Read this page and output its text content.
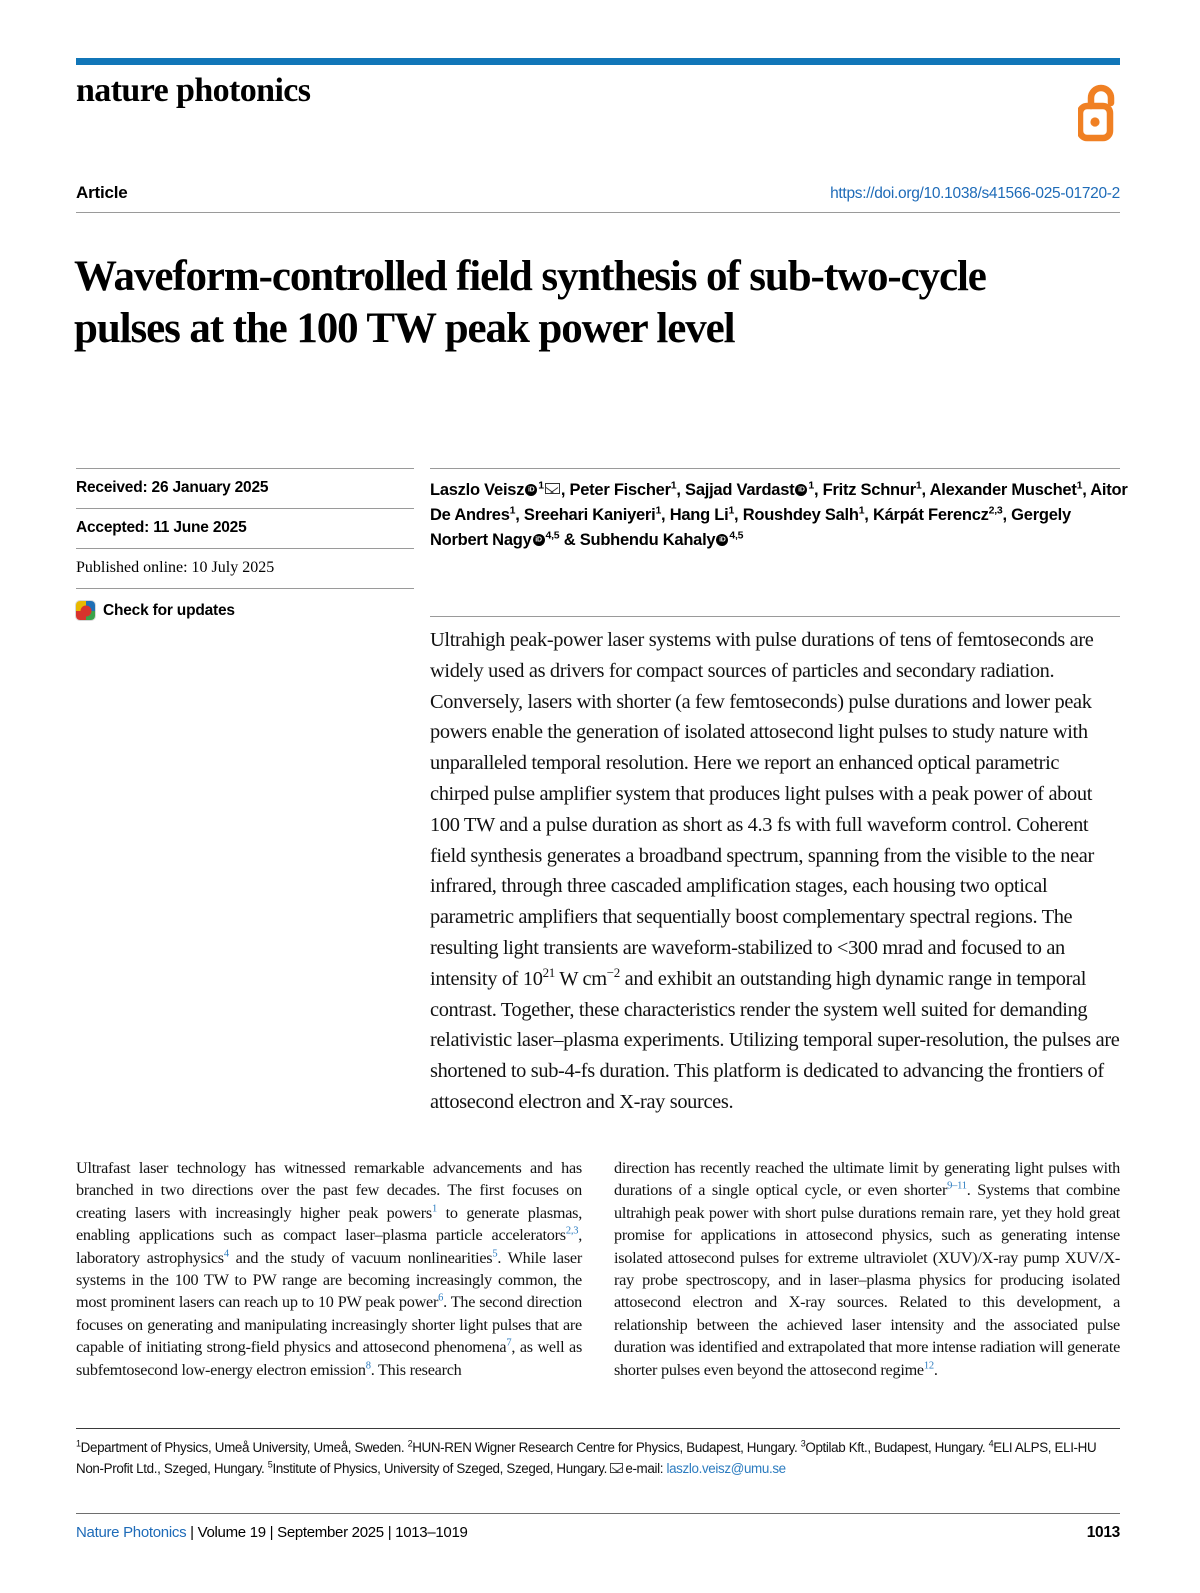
nature photonics
Article	https://doi.org/10.1038/s41566-025-01720-2
Waveform-controlled field synthesis of sub-two-cycle pulses at the 100 TW peak power level
Received: 26 January 2025
Accepted: 11 June 2025
Published online: 10 July 2025
Check for updates
Laszlo Veisz iD $^1$ , Peter Fischer$^1$, Sajjad Vardast iD $^1$, Fritz Schnur$^1$, Alexander Muschet$^1$, Aitor De Andres$^1$, Sreehari Kaniyeri$^1$, Hang Li$^1$, Roushdey Salh$^1$, Kárpát Ferencz$^{2,3}$, Gergely Norbert Nagy iD $^{4,5}$ & Subhendu Kahaly iD $^{4,5}$
Ultrahigh peak-power laser systems with pulse durations of tens of femtoseconds are widely used as drivers for compact sources of particles and secondary radiation. Conversely, lasers with shorter (a few femtoseconds) pulse durations and lower peak powers enable the generation of isolated attosecond light pulses to study nature with unparalleled temporal resolution. Here we report an enhanced optical parametric chirped pulse amplifier system that produces light pulses with a peak power of about 100 TW and a pulse duration as short as 4.3 fs with full waveform control. Coherent field synthesis generates a broadband spectrum, spanning from the visible to the near infrared, through three cascaded amplification stages, each housing two optical parametric amplifiers that sequentially boost complementary spectral regions. The resulting light transients are waveform-stabilized to <300 mrad and focused to an intensity of $10^{21}$ W $cm^{-2}$ and exhibit an outstanding high dynamic range in temporal contrast. Together, these characteristics render the system well suited for demanding relativistic laser–plasma experiments. Utilizing temporal super-resolution, the pulses are shortened to sub-4-fs duration. This platform is dedicated to advancing the frontiers of attosecond electron and X-ray sources.
Ultrafast laser technology has witnessed remarkable advancements and has branched in two directions over the past few decades. The first focuses on creating lasers with increasingly higher peak powers$^1$ to generate plasmas, enabling applications such as compact laser–plasma particle accelerators$^{2,3}$, laboratory astrophysics$^4$ and the study of vacuum nonlinearities$^5$. While laser systems in the 100 TW to PW range are becoming increasingly common, the most prominent lasers can reach up to 10 PW peak power$^6$. The second direction focuses on generating and manipulating increasingly shorter light pulses that are capable of initiating strong-field physics and attosecond phenomena$^7$, as well as subfemtosecond low-energy electron emission$^8$. This research
direction has recently reached the ultimate limit by generating light pulses with durations of a single optical cycle, or even shorter$^{9-11}$. Systems that combine ultrahigh peak power with short pulse durations remain rare, yet they hold great promise for applications in attosecond physics, such as generating intense isolated attosecond pulses for extreme ultraviolet (XUV)/X-ray pump XUV/X-ray probe spectroscopy, and in laser–plasma physics for producing isolated attosecond electron and X-ray sources. Related to this development, a relationship between the achieved laser intensity and the associated pulse duration was identified and extrapolated that more intense radiation will generate shorter pulses even beyond the attosecond regime$^{12}$.
$^1$Department of Physics, Umeå University, Umeå, Sweden. $^2$HUN-REN Wigner Research Centre for Physics, Budapest, Hungary. $^3$Optilab Kft., Budapest, Hungary. $^4$ELI ALPS, ELI-HU Non-Profit Ltd., Szeged, Hungary. $^5$Institute of Physics, University of Szeged, Szeged, Hungary. e-mail: laszlo.veisz@umu.se
Nature Photonics | Volume 19 | September 2025 | 1013–1019	1013
